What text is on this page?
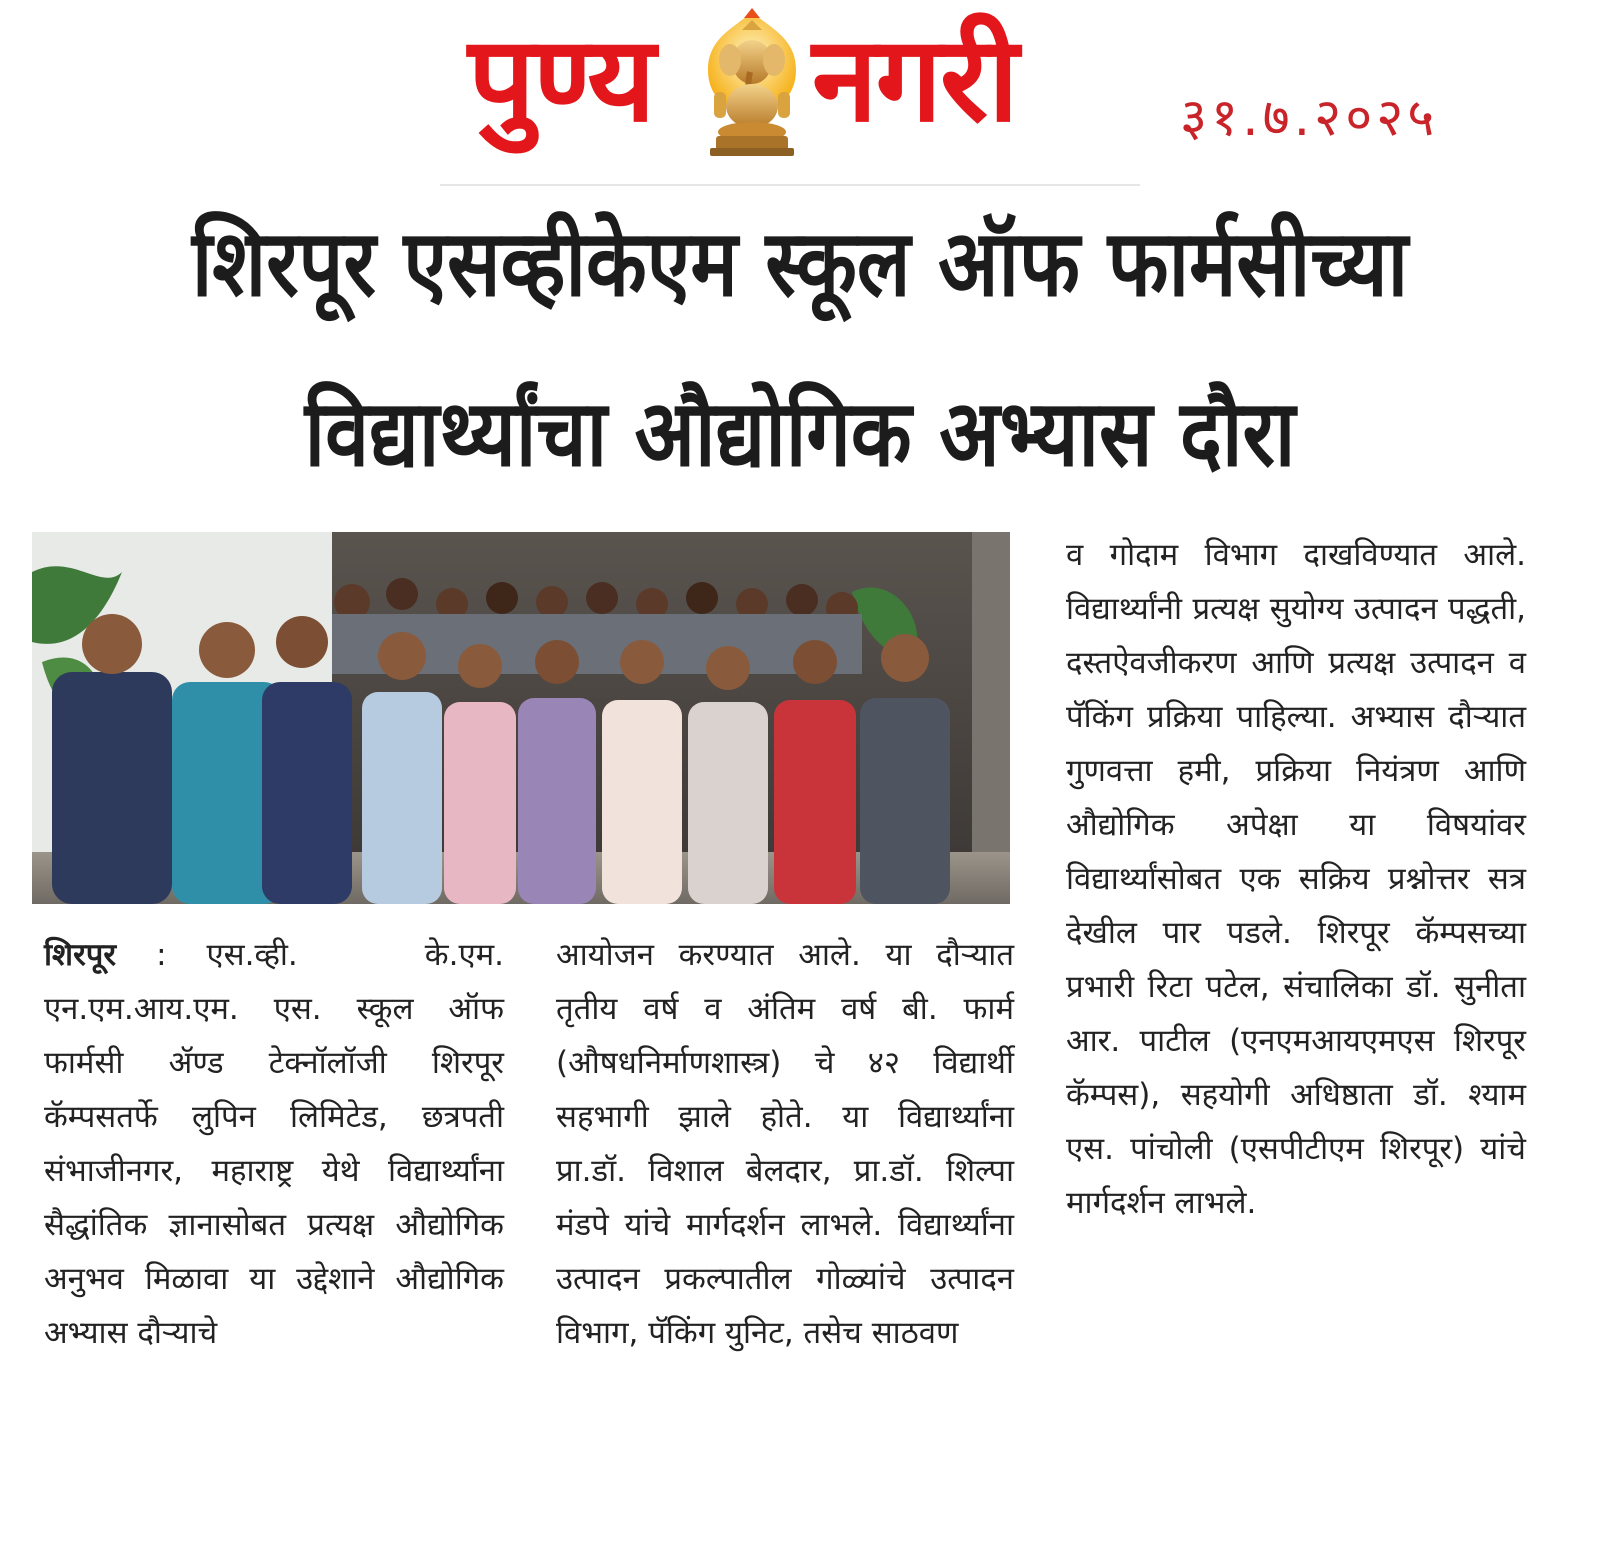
पुण्य नगरी	३१.७.२०२५
शिरपूर एसव्हीकेएम स्कूल ऑफ फार्मसीच्या
विद्यार्थ्यांचा औद्योगिक अभ्यास दौरा

शिरपूर : एस.व्ही. के.एम. एन.एम.आय.एम. एस. स्कूल ऑफ फार्मसी ॲण्ड टेक्नॉलॉजी शिरपूर कॅम्पसतर्फे लुपिन लिमिटेड, छत्रपती संभाजीनगर, महाराष्ट्र येथे विद्यार्थ्यांना सैद्धांतिक ज्ञानासोबत प्रत्यक्ष औद्योगिक अनुभव मिळावा या उद्देशाने औद्योगिक अभ्यास दौऱ्याचे

आयोजन करण्यात आले. या दौऱ्यात तृतीय वर्ष व अंतिम वर्ष बी. फार्म (औषधनिर्माणशास्त्र) चे ४२ विद्यार्थी सहभागी झाले होते. या विद्यार्थ्यांना प्रा.डॉ. विशाल बेलदार, प्रा.डॉ. शिल्पा मंडपे यांचे मार्गदर्शन लाभले. विद्यार्थ्यांना उत्पादन प्रकल्पातील गोळ्यांचे उत्पादन विभाग, पॅकिंग युनिट, तसेच साठवण

व गोदाम विभाग दाखविण्यात आले. विद्यार्थ्यांनी प्रत्यक्ष सुयोग्य उत्पादन पद्धती, दस्तऐवजीकरण आणि प्रत्यक्ष उत्पादन व पॅकिंग प्रक्रिया पाहिल्या. अभ्यास दौऱ्यात गुणवत्ता हमी, प्रक्रिया नियंत्रण आणि औद्योगिक अपेक्षा या विषयांवर विद्यार्थ्यांसोबत एक सक्रिय प्रश्नोत्तर सत्र देखील पार पडले. शिरपूर कॅम्पसच्या प्रभारी रिटा पटेल, संचालिका डॉ. सुनीता आर. पाटील (एनएमआयएमएस शिरपूर कॅम्पस), सहयोगी अधिष्ठाता डॉ. श्याम एस. पांचोली (एसपीटीएम शिरपूर) यांचे मार्गदर्शन लाभले.
